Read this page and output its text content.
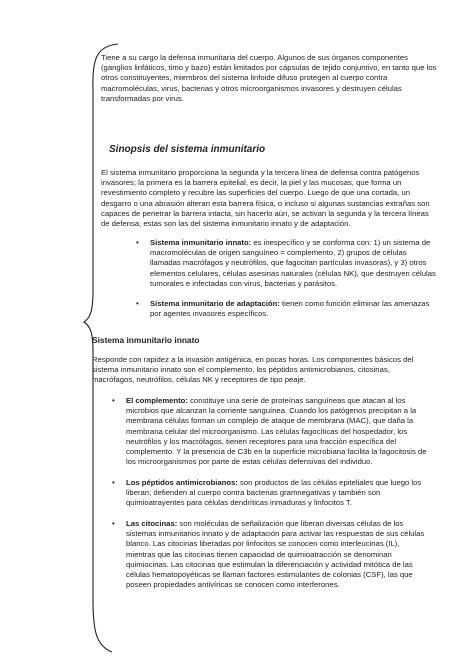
Tiene a su cargo la defensa inmunitaria del cuerpo. Algunos de sus órganos componentes (ganglios linfáticos, timo y bazo) están limitados por cápsulas de tejido conjuntivo, en tanto que los otros constituyentes, miembros del sistema linfoide difuso protegen al cuerpo contra macromoléculas, virus, bacterias y otros microorganismos invasores y destruyen células transformadas por virus.
Sinopsis del sistema inmunitario
El sistema inmunitario proporciona la segunda y la tercera línea de defensa contra patógenos invasores; la primera es la barrera epitelial, es decir, la piel y las mucosas, que forma un revestimiento completo y recubre las superficies del cuerpo. Luego de que una cortada, un desgarro o una abrasión alteran esta barrera física, o incluso si algunas sustancias extrañas son capaces de penetrar la barrera intacta, sin hacerlo aún, se activan la segunda y la tercera líneas de defensa; estas son las del sistema inmunitario innato y de adaptación.
• Sistema inmunitario innato: es inespecífico y se conforma con: 1) un sistema de macromoléculas de origen sanguíneo = complemento, 2) grupos de células llamadas macrófagos y neutrófilos, que fagocitan partículas invasoras), y 3) otros elementos celulares, células asesinas naturales (células NK), que destruyen células tumorales e infectadas con virus, bacterias y parásitos.
• Sistema inmunitario de adaptación: tienen como función eliminar las amenazas por agentes invasores específicos.
Sistema inmunitario innato
Responde con rapidez a la invasión antigénica, en pocas horas. Los componentes básicos del sistema inmunitario innato son el complemento, los péptidos antimicrobianos, citosinas, macrófagos, neutrófilos, células NK y receptores de tipo peaje.
• El complemento: constituye una serie de proteínas sanguíneas que atacan al los microbios que alcanzan la corriente sanguínea. Cuando los patógenos precipitan a la membrana células forman un complejo de ataque de membrana (MAC), que daña la membrana celular del microorganismo. Las células fagocíticas del hospedador, los neutrófilos y los macrófagos, tienen receptores para una fracción específica del complemento. Y la presencia de C3b en la superficie microbiana facilita la fagocitosis de los microorganismos por parte de estas células defensivas del individuo.
• Los péptidos antimicrobianos: son productos de las células epiteliales que luego los liberan; defienden al cuerpo contra bacterias gramnegativas y también son quimioatrayentes para células dendríticas inmaduras y linfocitos T.
• Las citocinas: son moléculas de señalización que liberan diversas células de los sistemas inmunitarios innato y de adaptación para activar las respuestas de sus células blanco. Las citocinas liberadas por linfocitos se conocen como interleucinas (IL), mientras que las citocinas tienen capacidad de quimioatracción se denominan quimiocinas. Las citocinas que estimulan la diferenciación y actividad mitótica de las células hematopoyéticas se llaman factores estimulantes de colonias (CSF), las que poseen propiedades antivíricas se conocen como interferones.
